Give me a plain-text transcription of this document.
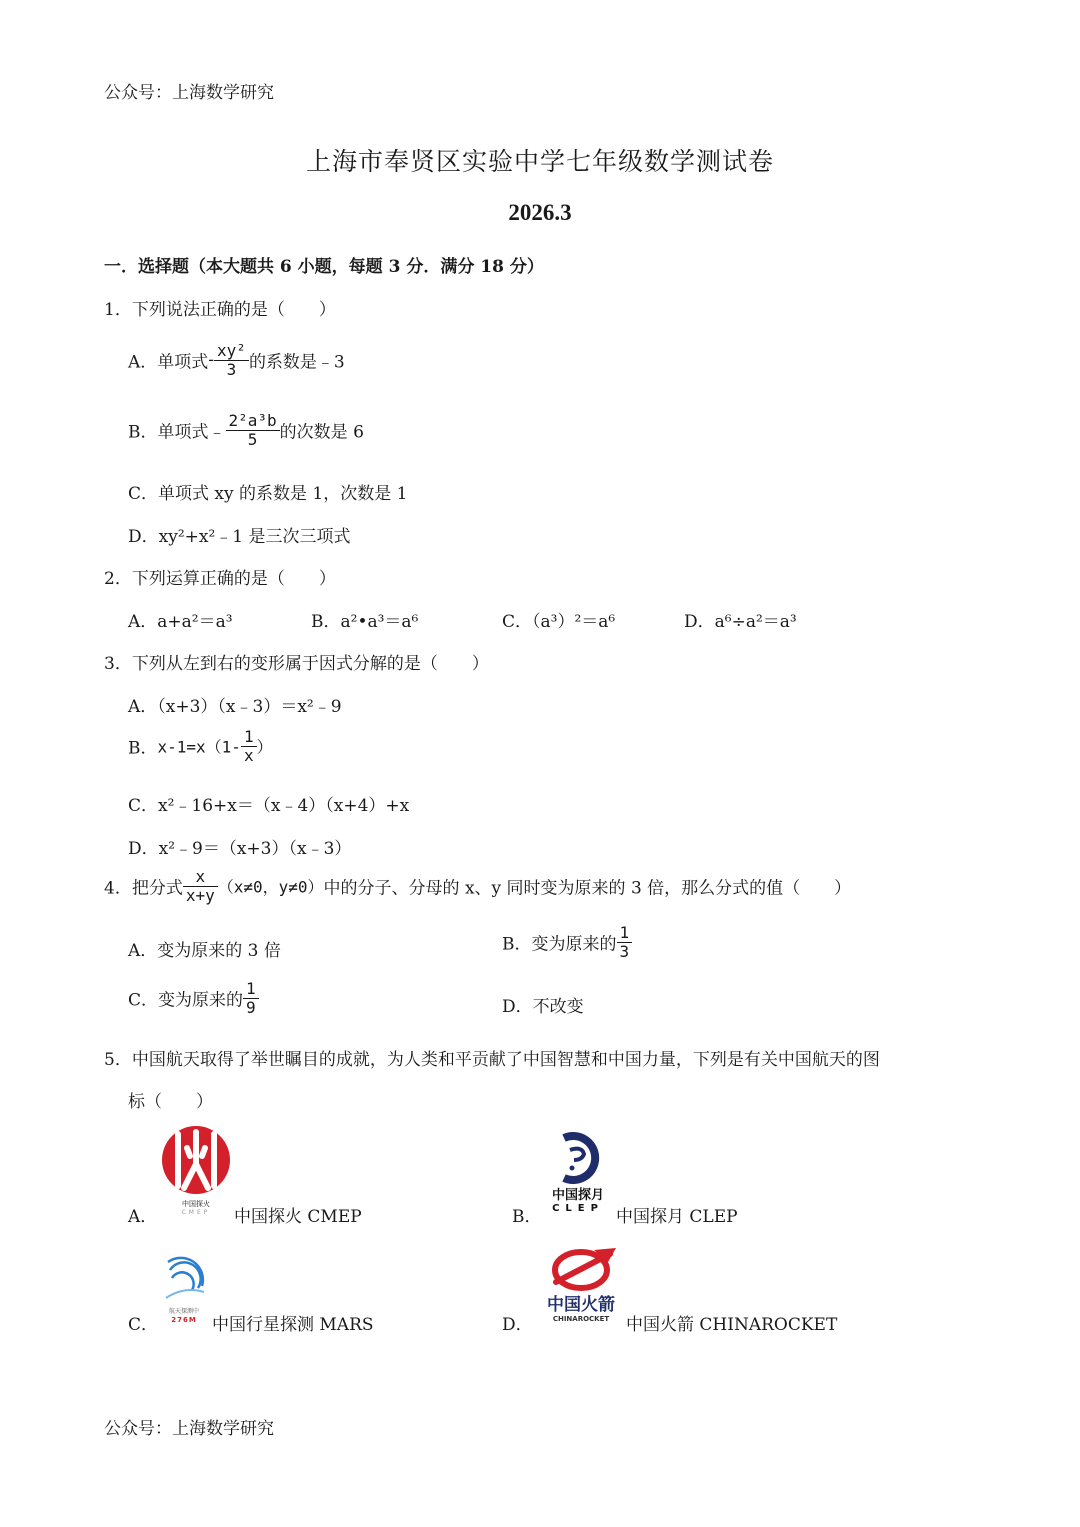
公众号：上海数学研究
上海市奉贤区实验中学七年级数学测试卷
2026.3
一．选择题（本大题共 6 小题，每题 3 分．满分 18 分）
1．下列说法正确的是（　　）
A．单项式- $\frac{\text{xy²}}{3}$ 的系数是﹣3
B．单项式﹣ $\frac{\text{2²a³b}}{5}$ 的次数是 6
C．单项式 xy 的系数是 1，次数是 1
D．xy²+x²﹣1 是三次三项式
2．下列运算正确的是（　　）
A．a+a²＝a³	B．a²•a³＝a⁶	C．（a³）²＝a⁶	D．a⁶÷a²＝a³
3．下列从左到右的变形属于因式分解的是（　　）
A．（x+3）（x﹣3）＝x²﹣9
B．$x-1=x(1- \frac{1}{x}$ ）
C．x²﹣16+x＝（x﹣4）（x+4）+x
D．x²﹣9＝（x+3）（x﹣3）
4．把分式 $\frac{x}{x+y} (x\ne 0$，y≠0）中的分子、分母的 x、y 同时变为原来的 3 倍，那么分式的值（　　）
A．变为原来的 3 倍	B．变为原来的 $\frac{1}{3}$
C．变为原来的 $\frac{1}{9}$	D．不改变
5．中国航天取得了举世瞩目的成就，为人类和平贡献了中国智慧和中国力量，下列是有关中国航天的图
标（　　）
A．
中国探火
CMEP	中国探火 CMEP	B．
中国探月
CLEP 中国探月 CLEP
C．
航天探测中
276M 中国行星探测 MARS	D．
中国火箭
CHINAROCKET 中国火箭 CHINAROCKET
公众号：上海数学研究
